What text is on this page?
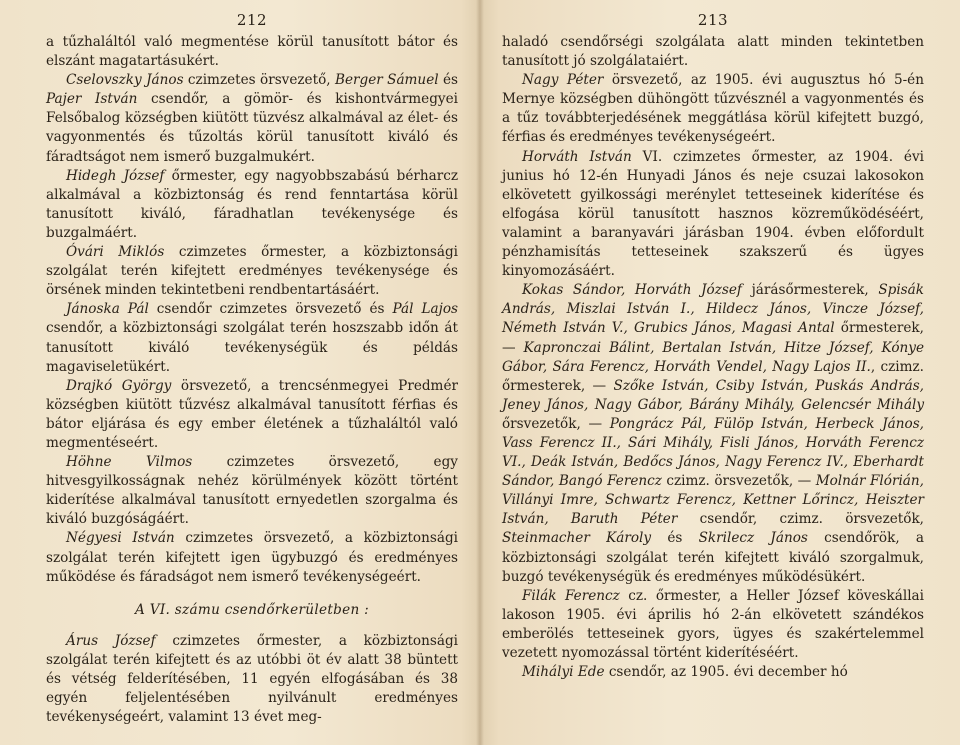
212

a tűzhaláltól való megmentése körül tanusított bátor és elszánt magatartásukért.

Cselovszky János czimzetes örsvezető, Berger Sámuel és Pajer István csendőr, a gömör- és kishontvármegyei Felsőbalog községben kiütött tüzvész alkalmával az élet- és vagyonmentés és tűzoltás körül tanusított kiváló és fáradtságot nem ismerő buzgalmukért.

Hidegh József őrmester, egy nagyobbszabású bérharcz alkalmával a közbiztonság és rend fenntartása körül tanusított kiváló, fáradhatlan tevékenysége és buzgalmáért.

Óvári Miklós czimzetes őrmester, a közbiztonsági szolgálat terén kifejtett eredményes tevékenysége és örsének minden tekintetbeni rendbentartásáért.

Jánoska Pál csendőr czimzetes örsvezető és Pál Lajos csendőr, a közbiztonsági szolgálat terén hoszszabb időn át tanusított kiváló tevékenységük és példás magaviseletükért.

Drajkó György örsvezető, a trencsénmegyei Predmér községben kiütött tűzvész alkalmával tanusított férfias és bátor eljárása és egy ember életének a tűzhaláltól való megmentéseért.

Höhne Vilmos czimzetes örsvezető, egy hitvesgyilkosságnak nehéz körülmények között történt kiderítése alkalmával tanusított ernyedetlen szorgalma és kiváló buzgóságáért.

Négyesi István czimzetes örsvezető, a közbiztonsági szolgálat terén kifejtett igen ügybuzgó és eredményes működése és fáradságot nem ismerő tevékenységeért.

A VI. számu csendőrkerületben :

Árus József czimzetes őrmester, a közbiztonsági szolgálat terén kifejtett és az utóbbi öt év alatt 38 büntett és vétség felderítésében, 11 egyén elfogásában és 38 egyén feljelentésében nyilvánult eredményes tevékenységeért, valamint 13 évet meg-

213

haladó csendőrségi szolgálata alatt minden tekintetben tanusított jó szolgálataiért.

Nagy Péter örsvezető, az 1905. évi augusztus hó 5-én Mernye községben dühöngött tűzvésznél a vagyonmentés és a tűz továbbterjedésének meggátlása körül kifejtett buzgó, férfias és eredményes tevékenységeért.

Horváth István VI. czimzetes őrmester, az 1904. évi junius hó 12-én Hunyadi János és neje csuzai lakosokon elkövetett gyilkossági merénylet tetteseinek kiderítése és elfogása körül tanusított hasznos közreműködéséért, valamint a baranyavári járásban 1904. évben előfordult pénzhamisítás tetteseinek szakszerű és ügyes kinyomozásáért.

Kokas Sándor, Horváth József járásőrmesterek, Spisák András, Miszlai István I., Hildecz János, Vincze József, Németh István V., Grubics János, Magasi Antal őrmesterek, — Kapronczai Bálint, Bertalan István, Hitze József, Kónye Gábor, Sára Ferencz, Horváth Vendel, Nagy Lajos II., czimz. őrmesterek, — Szőke István, Csiby István, Puskás András, Jeney János, Nagy Gábor, Bárány Mihály, Gelencsér Mihály őrsvezetők, — Pongrácz Pál, Fülöp István, Herbeck János, Vass Ferencz II., Sári Mihály, Fisli János, Horváth Ferencz VI., Deák István, Bedőcs János, Nagy Ferencz IV., Eberhardt Sándor, Bangó Ferencz czimz. örsvezetők, — Molnár Flórián, Villányi Imre, Schwartz Ferencz, Kettner Lőrincz, Heiszter István, Baruth Péter csendőr, czimz. örsvezetők, Steinmacher Károly és Skrilecz János csendőrök, a közbiztonsági szolgálat terén kifejtett kiváló szorgalmuk, buzgó tevékenységük és eredményes működésükért.

Filák Ferencz cz. őrmester, a Heller József köveskállai lakoson 1905. évi április hó 2-án elkövetett szándékos emberölés tetteseinek gyors, ügyes és szakértelemmel vezetett nyomozással történt kiderítéséért.

Mihályi Ede csendőr, az 1905. évi december hó
